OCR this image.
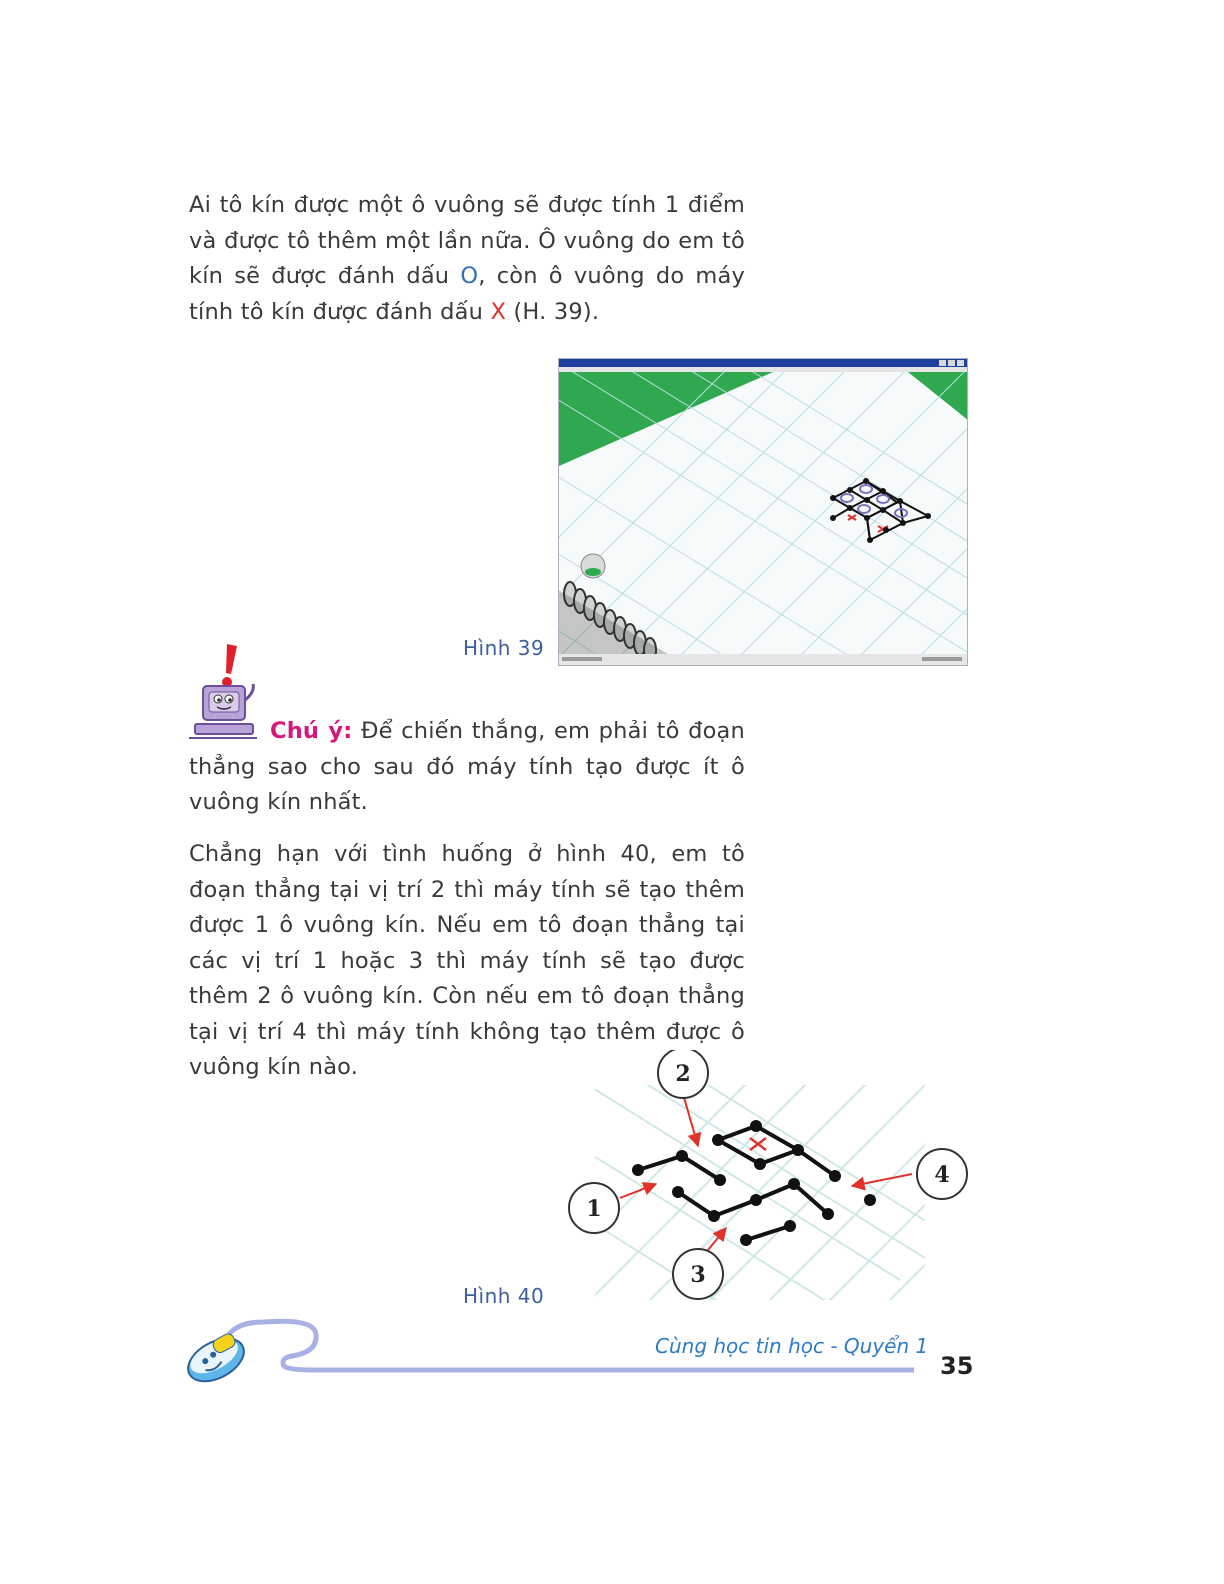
Ai tô kín được một ô vuông sẽ được tính 1 điểm và được tô thêm một lần nữa. Ô vuông do em tô kín sẽ được đánh dấu O, còn ô vuông do máy tính tô kín được đánh dấu X (H. 39).
Hình 39
Chú ý: Để chiến thắng, em phải tô đoạn thẳng sao cho sau đó máy tính tạo được ít ô vuông kín nhất.
Chẳng hạn với tình huống ở hình 40, em tô đoạn thẳng tại vị trí 2 thì máy tính sẽ tạo thêm được 1 ô vuông kín. Nếu em tô đoạn thẳng tại các vị trí 1 hoặc 3 thì máy tính sẽ tạo được thêm 2 ô vuông kín. Còn nếu em tô đoạn thẳng tại vị trí 4 thì máy tính không tạo thêm được ô vuông kín nào.	2
1
3
4
Hình 40
Cùng học tin học - Quyển 1
35
